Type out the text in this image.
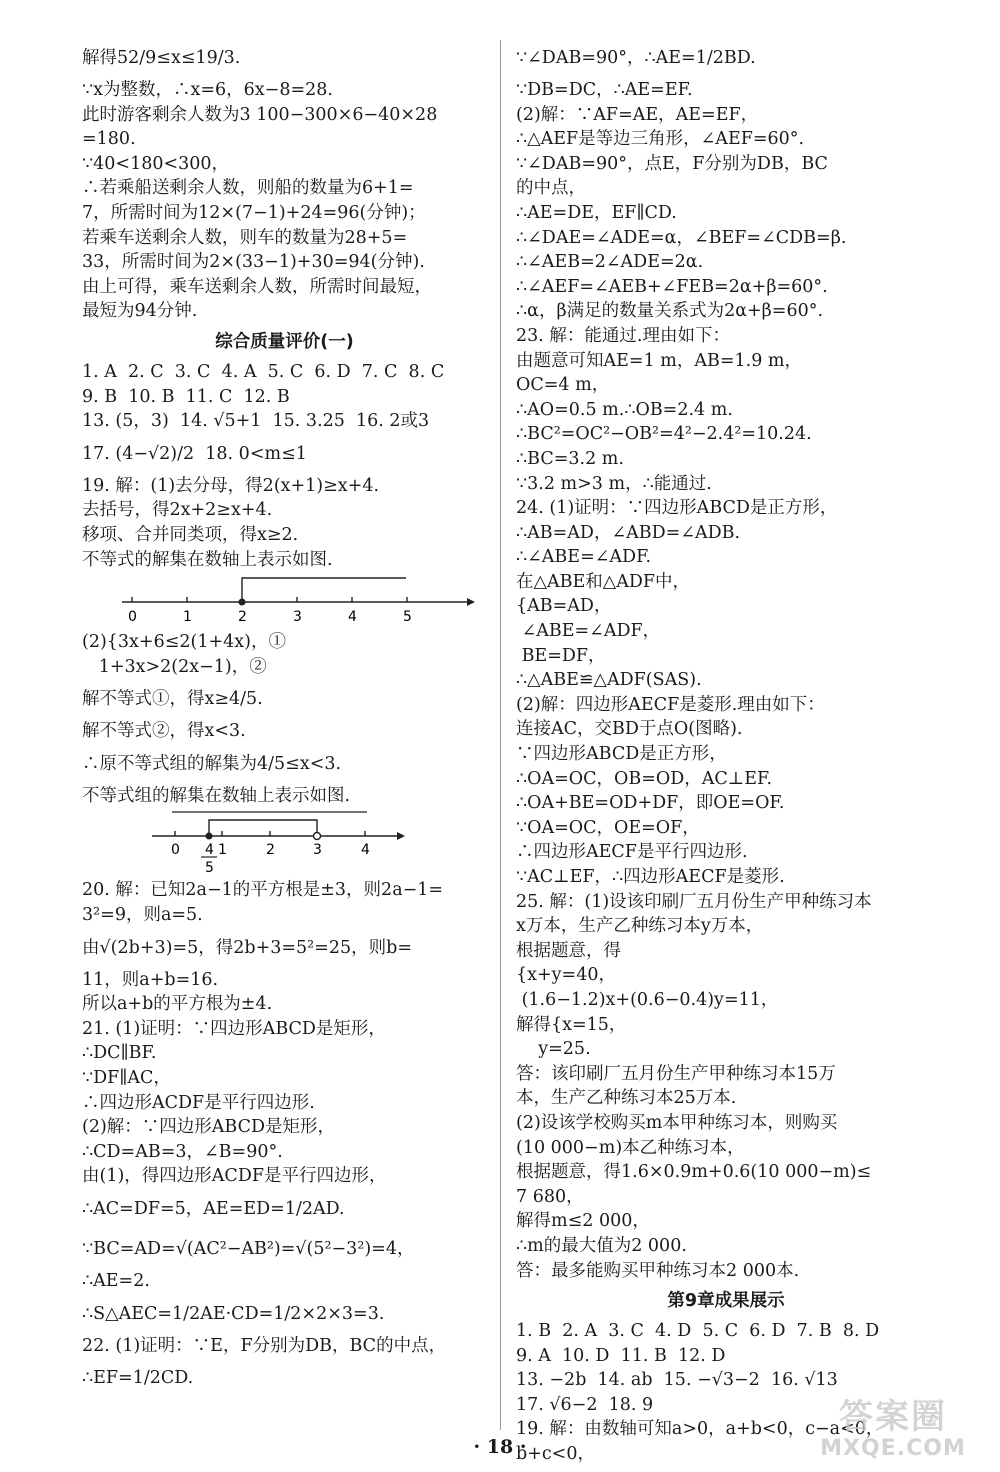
解得52/9≤x≤19/3.
∵x为整数，∴x=6，6x−8=28.
此时游客剩余人数为3 100−300×6−40×28
=180.
∵40<180<300，
∴若乘船送剩余人数，则船的数量为6+1=
7，所需时间为12×(7−1)+24=96(分钟)；
若乘车送剩余人数，则车的数量为28+5=
33，所需时间为2×(33−1)+30=94(分钟).
由上可得，乘车送剩余人数，所需时间最短，
最短为94分钟.
综合质量评价(一)
1. A  2. C  3. C  4. A  5. C  6. D  7. C  8. C
9. B  10. B  11. C  12. B
13. (5，3)  14. √5+1  15. 3.25  16. 2或3
17. (4−√2)/2  18. 0<m≤1
19. 解：(1)去分母，得2(x+1)≥x+4.
去括号，得2x+2≥x+4.
移项、合并同类项，得x≥2.
不等式的解集在数轴上表示如图.
0	1	2	3	4	5
(2){3x+6≤2(1+4x)，①
1+3x>2(2x−1)，②
解不等式①，得x≥4/5.
解不等式②，得x<3.
∴原不等式组的解集为4/5≤x<3.
不等式组的解集在数轴上表示如图.
0 4
5
1	2	3	4
20. 解：已知2a−1的平方根是±3，则2a−1=
3²=9，则a=5.
由√(2b+3)=5，得2b+3=5²=25，则b=
11，则a+b=16.
所以a+b的平方根为±4.
21. (1)证明：∵四边形ABCD是矩形，
∴DC∥BF.
∵DF∥AC，
∴四边形ACDF是平行四边形.
(2)解：∵四边形ABCD是矩形，
∴CD=AB=3，∠B=90°.
由(1)，得四边形ACDF是平行四边形，
∴AC=DF=5，AE=ED=1/2AD.
∵BC=AD=√(AC²−AB²)=√(5²−3²)=4，
∴AE=2.
∴S△AEC=1/2AE·CD=1/2×2×3=3.
22. (1)证明：∵E，F分别为DB，BC的中点，
∴EF=1/2CD.
∵∠DAB=90°，∴AE=1/2BD.
∵DB=DC，∴AE=EF.
(2)解：∵AF=AE，AE=EF，
∴△AEF是等边三角形，∠AEF=60°.
∵∠DAB=90°，点E，F分别为DB，BC
的中点，
∴AE=DE，EF∥CD.
∴∠DAE=∠ADE=α，∠BEF=∠CDB=β.
∴∠AEB=2∠ADE=2α.
∴∠AEF=∠AEB+∠FEB=2α+β=60°.
∴α，β满足的数量关系式为2α+β=60°.
23. 解：能通过.理由如下：
由题意可知AE=1 m，AB=1.9 m，
OC=4 m，
∴AO=0.5 m.∴OB=2.4 m.
∴BC²=OC²−OB²=4²−2.4²=10.24.
∴BC=3.2 m.
∵3.2 m>3 m，∴能通过.
24. (1)证明：∵四边形ABCD是正方形，
∴AB=AD，∠ABD=∠ADB.
∴∠ABE=∠ADF.
在△ABE和△ADF中，
{AB=AD，
∠ABE=∠ADF，
BE=DF，
∴△ABE≌△ADF(SAS).
(2)解：四边形AECF是菱形.理由如下：
连接AC，交BD于点O(图略).
∵四边形ABCD是正方形，
∴OA=OC，OB=OD，AC⊥EF.
∴OA+BE=OD+DF，即OE=OF.
∵OA=OC，OE=OF，
∴四边形AECF是平行四边形.
∵AC⊥EF，∴四边形AECF是菱形.
25. 解：(1)设该印刷厂五月份生产甲种练习本
x万本，生产乙种练习本y万本，
根据题意，得
{x+y=40，
(1.6−1.2)x+(0.6−0.4)y=11，
解得{x=15，
y=25.
答：该印刷厂五月份生产甲种练习本15万
本，生产乙种练习本25万本.
(2)设该学校购买m本甲种练习本，则购买
(10 000−m)本乙种练习本，
根据题意，得1.6×0.9m+0.6(10 000−m)≤
7 680，
解得m≤2 000，
∴m的最大值为2 000.
答：最多能购买甲种练习本2 000本.
第9章成果展示
1. B  2. A  3. C  4. D  5. C  6. D  7. B  8. D
9. A  10. D  11. B  12. D
13. −2b  14. ab  15. −√3−2  16. √13
17. √6−2  18. 9
19. 解：由数轴可知a>0，a+b<0，c−a<0，
b+c<0，
· 18 ·
答案圈
MXQE.COM
